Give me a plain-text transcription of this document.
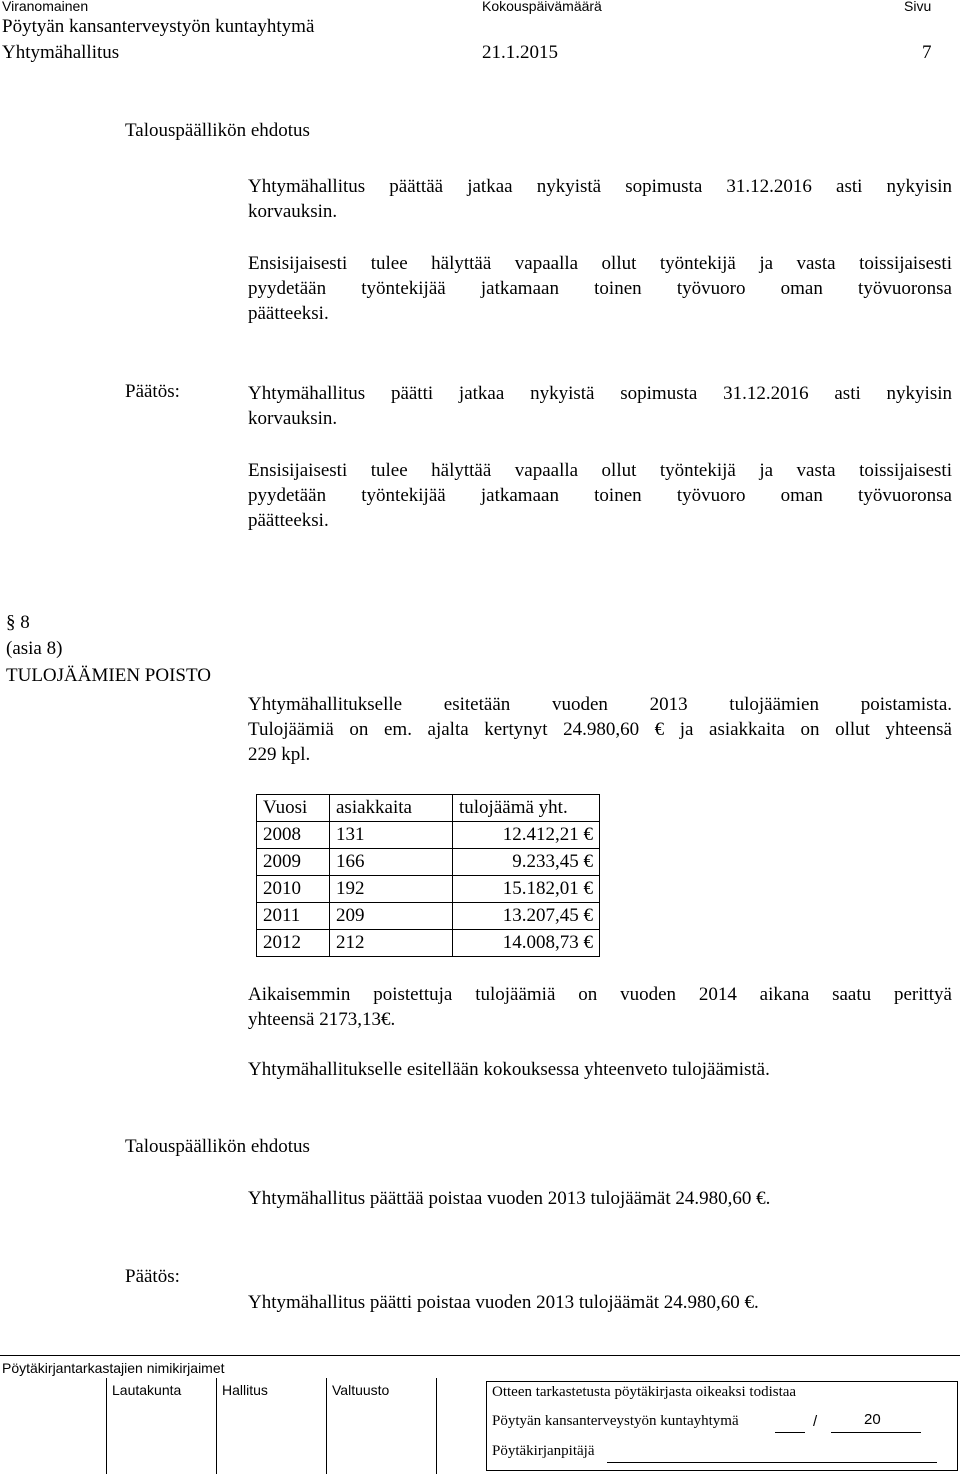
Viranomainen	Kokouspäivämäärä	Sivu
Pöytyän kansanterveystyön kuntayhtymä
Yhtymähallitus	21.1.2015	7
Talouspäällikön ehdotus
Yhtymähallitus päättää jatkaa nykyistä sopimusta 31.12.2016 asti nykyisin
korvauksin.
Ensisijaisesti tulee hälyttää vapaalla ollut työntekijä ja vasta toissijaisesti
pyydetään työntekijää jatkamaan toinen työvuoro oman työvuoronsa
päätteeksi.
Päätös:	Yhtymähallitus päätti jatkaa nykyistä sopimusta 31.12.2016 asti nykyisin
korvauksin.
Ensisijaisesti tulee hälyttää vapaalla ollut työntekijä ja vasta toissijaisesti
pyydetään työntekijää jatkamaan toinen työvuoro oman työvuoronsa
päätteeksi.
§ 8
(asia 8)
TULOJÄÄMIEN POISTO
Yhtymähallitukselle esitetään vuoden 2013 tulojäämien poistamista.
Tulojäämiä on em. ajalta kertynyt 24.980,60 € ja asiakkaita on ollut yhteensä
229 kpl.
Vuosi	asiakkaita	tulojäämä yht.
2008	131	12.412,21 €
2009	166	9.233,45 €
2010	192	15.182,01 €
2011	209	13.207,45 €
2012	212	14.008,73 €
Aikaisemmin poistettuja tulojäämiä on vuoden 2014 aikana saatu perittyä
yhteensä 2173,13€.
Yhtymähallitukselle esitellään kokouksessa yhteenveto tulojäämistä.
Talouspäällikön ehdotus
Yhtymähallitus päättää poistaa vuoden 2013 tulojäämät 24.980,60 €.
Päätös:
Yhtymähallitus päätti poistaa vuoden 2013 tulojäämät 24.980,60 €.
Pöytäkirjantarkastajien nimikirjaimet
Lautakunta	Hallitus	Valtuusto	Otteen tarkastetusta pöytäkirjasta oikeaksi todistaa
Pöytyän kansanterveystyön kuntayhtymä	/	20
Pöytäkirjanpitäjä
